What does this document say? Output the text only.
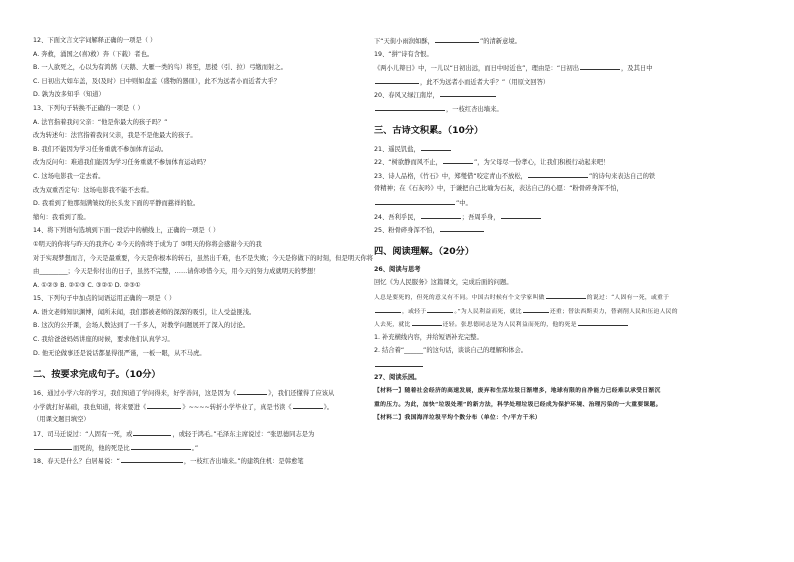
12、下面文言文字词解释正确的一项是（ ）
A. 奔救，涌国之(喜)救）奔（下载）者也。
B. 一人欲死之，心以为有鸿鹄（天鹅、大雁一类的鸟）将至，思援（引、拉）弓缴而射之。
C. 日初出大如车盖，及(及时）日中则如盘盂（盛物的器皿），此不为远者小而近者大乎？
D. 孰为汝多知乎（知道）
13、下列句子转换不正确的一项是（ ）
A. 法官指着我问父亲：“他是你最大的孩子吗？”
改为转述句：法官指着我问父亲，我是不是他最大的孩子。
B. 我们不能因为学习任务重就不参加体育运动。
改为反问句：难道我们能因为学习任务重就不参加体育运动吗？
C. 这场电影我一定去看。
改为双重否定句：这场电影我不能不去看。
D. 我看到了他那刻满皱纹的长头发下面的平静而慈祥的脸。
缩句：我看到了脸。
14、将下列语句选填到下面一段话中的横线上，正确的一项是（ ）
①明天的你将与昨天的我齐心 ②今天的你终于成为了 ③明天的你将会感谢今天的我
对于实现梦想而言，今天是最重要，今天是你根本的转石，虽然出千难，也不是失败；今天是你做下的时刻，但是明天你将
由_________；今天是你付出的日子，虽然不完整，……请你珍惜今天，用今天的努力成就明天的梦想！
A. ①②③ B. ②①③ C. ③②① D. ②③①
15、下列句子中加点的词语运用正确的一项是（ ）
A. 语文老师知识渊博，闻所未闻，我们都被老师的深深的吸引，让人受益匪浅。
B. 这次的公开课，会场人数达到了一千多人，对教学问题展开了深入的讨论。
C. 我给爸爸妈妈讲座的时候，要求他们认真学习。
D. 他无论做事还是说话都显得很严谨，一板一眼，从不马虎。
二、按要求完成句子。（10分）
16、通过小学六年的学习，我们知道了学问得来，好学善问，这是因为《	》，我们还懂得了应该从
小学就打好基础，我也知道，将来要进《	》~~~~转折小学毕业了，真是书读《	》。
（用课文题目填空）
17、司马迁说过：“人固有一死，或	，或轻于鸿毛。”毛泽东主席说过：“张思德同志是为
而死的，他的死是比	。”
18、春天是什么？白居易说：“	，一枝红杏出墙来。”的建筑住机：是韩愈笔
下“天街小雨润如酥，	”的清新意境。
19、“拼”诗有含恨。
《两小儿辩日》中，一儿以“日初出远，而日中时近也”，理由是：“日初出	，及其日中
，此不为远者小而近者大乎？”（用原文回答）
20、春风又绿江南岸，
，一枝红杏出墙来。
三、古诗文积累。（10分）
21、遥民饥盐，
22、“树欲静而风不止，	”，为父母尽一份孝心，让我们积极行动起来吧！
23、诗人品格，《竹石》中，郑燮借“咬定青山不放松，	”的诗句来表达自己的铁
骨精神；在《石灰吟》中，于谦把自己比喻为石灰，表达自己的心愿：“粉骨碎身浑不怕，
”中。
24、吾利乎民，	；吾周乎身，
25、粉骨碎身浑不怕，
四、阅读理解。（20分）
26、阅读与思考
回忆《为人民服务》这篇课文，完成后面的问题。
人总是要死的，但死的意义有不同。中国古时候有个文学家叫做	的说过：“人固有一死，或重于
，或轻于	。”为人民利益而死，就比	还重；替法西斯卖力，替剥削人民和压迫人民的
人去死，就比	还轻。张思德同志是为人民利益而死的，他的死是
1. 补充横线内容，并给短语补充完整。
2. 结合着“______”的这句话，谈谈自己的理解和体会。
27、阅读乐园。
【材料一】随着社会经济的高速发展，废弃和生活垃圾日渐增多，地球有限的自净能力已经难以承受日渐沉
重的压力。为此，加快“垃圾处理”的新方法，科学处理垃圾已经成为保护环境、治理污染的一大重要课题。
【材料二】我国海洋垃圾平均个数分布（单位：个/平方千米）
